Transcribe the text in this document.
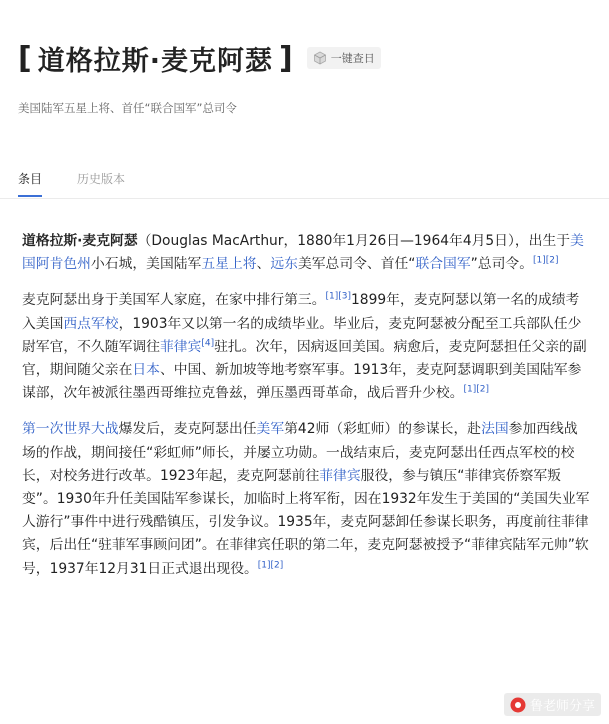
[ 道格拉斯·麦克阿瑟 ]	一键查日
美国陆军五星上将、首任“联合国军”总司令
条目	历史版本

道格拉斯·麦克阿瑟（Douglas MacArthur，1880年1月26日—1964年4月5日），出生于美国阿肯色州小石城，美国陆军五星上将、远东美军总司令、首任“联合国军”总司令。[1][2]

麦克阿瑟出身于美国军人家庭，在家中排行第三。[1][3]1899年，麦克阿瑟以第一名的成绩考入美国西点军校，1903年又以第一名的成绩毕业。毕业后，麦克阿瑟被分配至工兵部队任少尉军官，不久随军调往菲律宾[4]驻扎。次年，因病返回美国。病愈后，麦克阿瑟担任父亲的副官，期间随父亲在日本、中国、新加坡等地考察军事。1913年，麦克阿瑟调职到美国陆军参谋部，次年被派往墨西哥维拉克鲁兹，弹压墨西哥革命，战后晋升少校。[1][2]

第一次世界大战爆发后，麦克阿瑟出任美军第42师（彩虹师）的参谋长，赴法国参加西线战场的作战，期间接任“彩虹师”师长，并屡立功勋。一战结束后，麦克阿瑟出任西点军校的校长，对校务进行改革。1923年起，麦克阿瑟前往菲律宾服役，参与镇压“菲律宾侨察军叛变”。1930年升任美国陆军参谋长，加临时上将军衔，因在1932年发生于美国的“美国失业军人游行”事件中进行残酷镇压，引发争议。1935年，麦克阿瑟卸任参谋长职务，再度前往菲律宾，后出任“驻菲军事顾问团”。在菲律宾任职的第二年，麦克阿瑟被授予“菲律宾陆军元帅”软号，1937年12月31日正式退出现役。[1][2]

鲁老师分享
